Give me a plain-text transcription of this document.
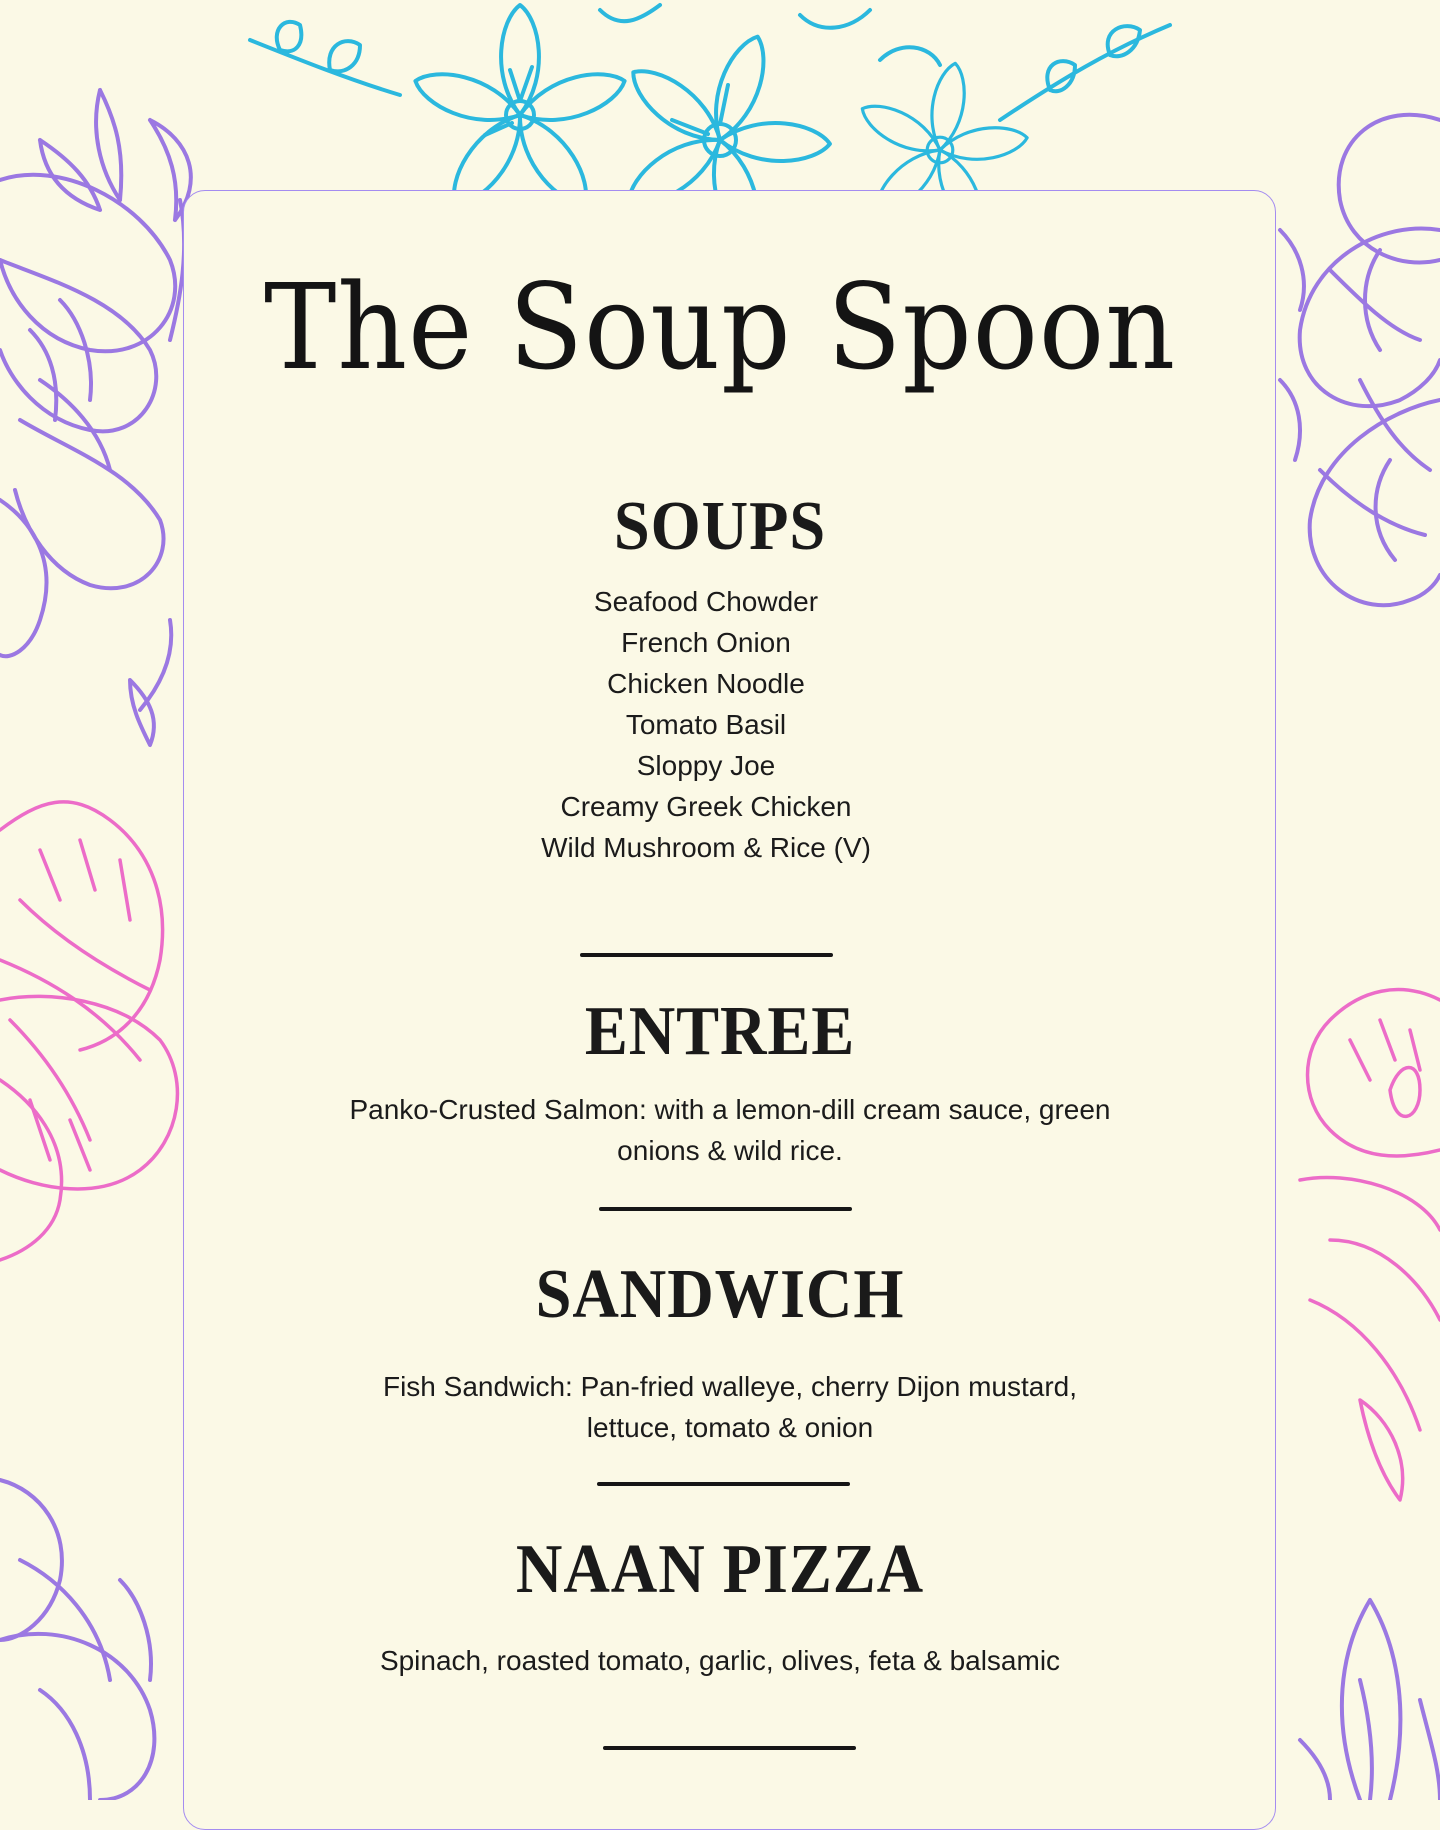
The Soup Spoon
SOUPS
Seafood Chowder
French Onion
Chicken Noodle
Tomato Basil
Sloppy Joe
Creamy Greek Chicken
Wild Mushroom & Rice (V)
ENTREE
Panko-Crusted Salmon: with a lemon-dill cream sauce, green
onions & wild rice.
SANDWICH
Fish Sandwich: Pan-fried walleye, cherry Dijon mustard,
lettuce, tomato & onion
NAAN PIZZA
Spinach, roasted tomato, garlic, olives, feta & balsamic
